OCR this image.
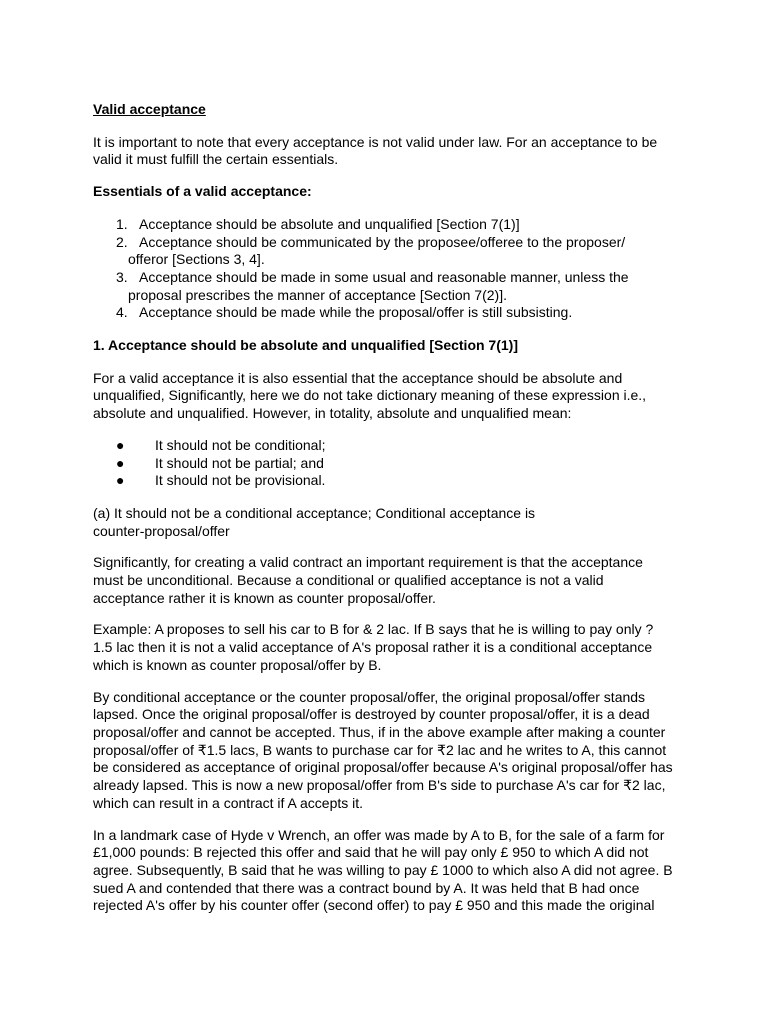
Valid acceptance

It is important to note that every acceptance is not valid under law. For an acceptance to be valid it must fulfill the certain essentials.

Essentials of a valid acceptance:
1. Acceptance should be absolute and unqualified [Section 7(1)]
2. Acceptance should be communicated by the proposee/offeree to the proposer/
offeror [Sections 3, 4].
3. Acceptance should be made in some usual and reasonable manner, unless the
proposal prescribes the manner of acceptance [Section 7(2)].
4. Acceptance should be made while the proposal/offer is still subsisting.
1. Acceptance should be absolute and unqualified [Section 7(1)]

For a valid acceptance it is also essential that the acceptance should be absolute and unqualified, Significantly, here we do not take dictionary meaning of these expression i.e., absolute and unqualified. However, in totality, absolute and unqualified mean:

● It should not be conditional;
● It should not be partial; and
● It should not be provisional.

(a) It should not be a conditional acceptance; Conditional acceptance is
counter-proposal/offer

Significantly, for creating a valid contract an important requirement is that the acceptance must be unconditional. Because a conditional or qualified acceptance is not a valid acceptance rather it is known as counter proposal/offer.

Example: A proposes to sell his car to B for & 2 lac. If B says that he is willing to pay only ? 1.5 lac then it is not a valid acceptance of A's proposal rather it is a conditional acceptance which is known as counter proposal/offer by B.

By conditional acceptance or the counter proposal/offer, the original proposal/offer stands lapsed. Once the original proposal/offer is destroyed by counter proposal/offer, it is a dead proposal/offer and cannot be accepted. Thus, if in the above example after making a counter proposal/offer of ₹1.5 lacs, B wants to purchase car for ₹2 lac and he writes to A, this cannot be considered as acceptance of original proposal/offer because A's original proposal/offer has already lapsed. This is now a new proposal/offer from B's side to purchase A's car for ₹2 lac, which can result in a contract if A accepts it.

In a landmark case of Hyde v Wrench, an offer was made by A to B, for the sale of a farm for £1,000 pounds: B rejected this offer and said that he will pay only £ 950 to which A did not agree. Subsequently, B said that he was willing to pay £ 1000 to which also A did not agree. B sued A and contended that there was a contract bound by A. It was held that B had once rejected A's offer by his counter offer (second offer) to pay £ 950 and this made the original
